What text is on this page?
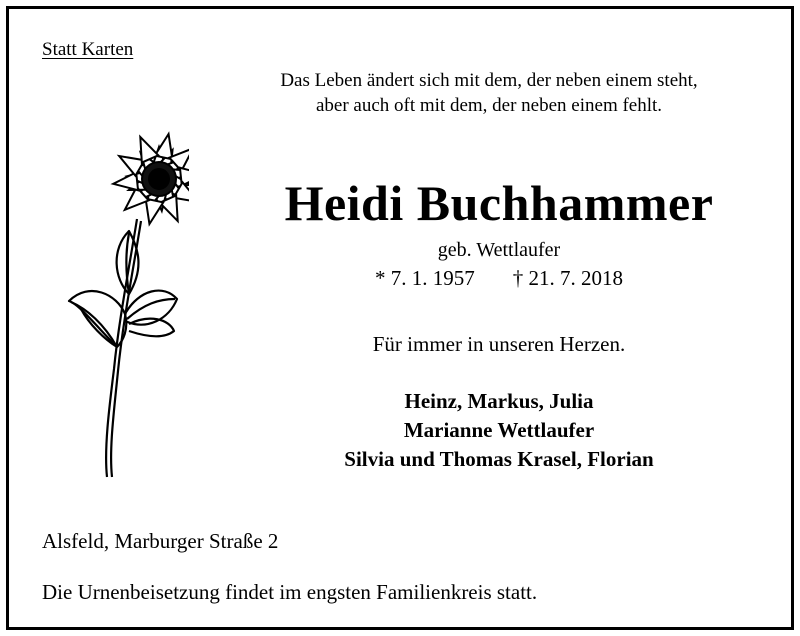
Statt Karten
Das Leben ändert sich mit dem, der neben einem steht,
aber auch oft mit dem, der neben einem fehlt.
Heidi Buchhammer
geb. Wettlaufer
* 7. 1. 1957 † 21. 7. 2018
Für immer in unseren Herzen.
Heinz, Markus, Julia
Marianne Wettlaufer
Silvia und Thomas Krasel, Florian
Alsfeld, Marburger Straße 2
Die Urnenbeisetzung findet im engsten Familienkreis statt.
